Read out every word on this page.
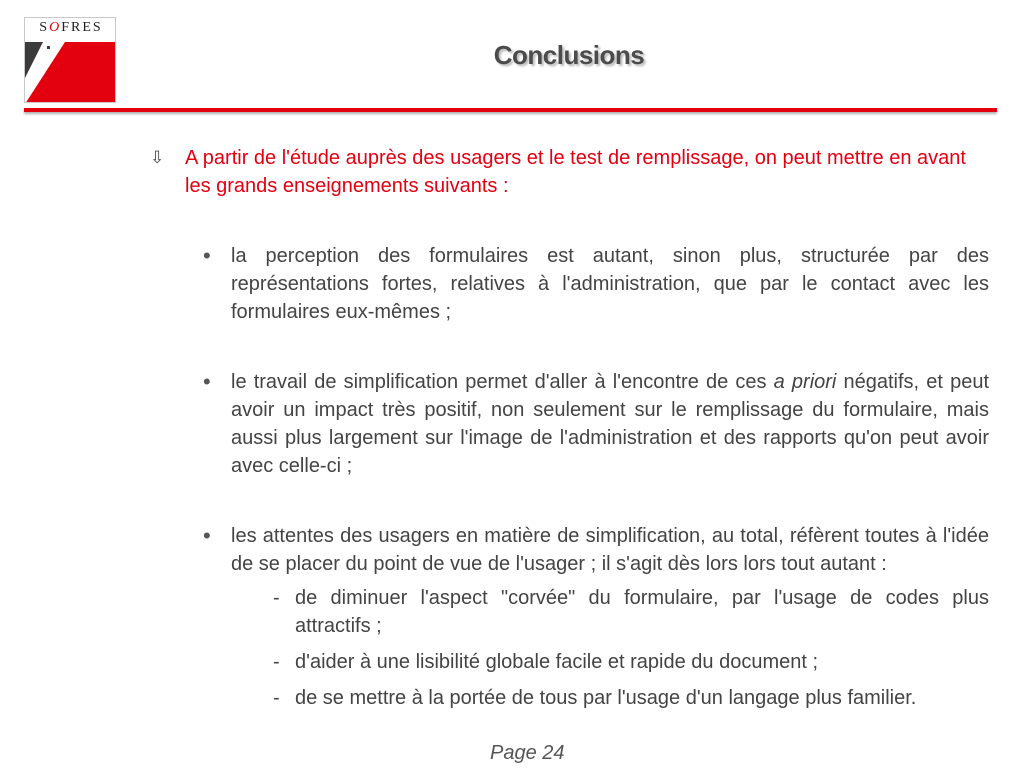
SOFRES
Conclusions
⇩ A partir de l'étude auprès des usagers et le test de remplissage, on peut mettre en avant les grands enseignements suivants :
• la perception des formulaires est autant, sinon plus, structurée par des représentations fortes, relatives à l'administration, que par le contact avec les formulaires eux-mêmes ;
• le travail de simplification permet d'aller à l'encontre de ces a priori négatifs, et peut avoir un impact très positif, non seulement sur le remplissage du formulaire, mais aussi plus largement sur l'image de l'administration et des rapports qu'on peut avoir avec celle-ci ;
• les attentes des usagers en matière de simplification, au total, réfèrent toutes à l'idée de se placer du point de vue de l'usager ; il s'agit dès lors lors tout autant :
- de diminuer l'aspect "corvée" du formulaire, par l'usage de codes plus attractifs ;
- d'aider à une lisibilité globale facile et rapide du document ;
- de se mettre à la portée de tous par l'usage d'un langage plus familier.
Page 24
